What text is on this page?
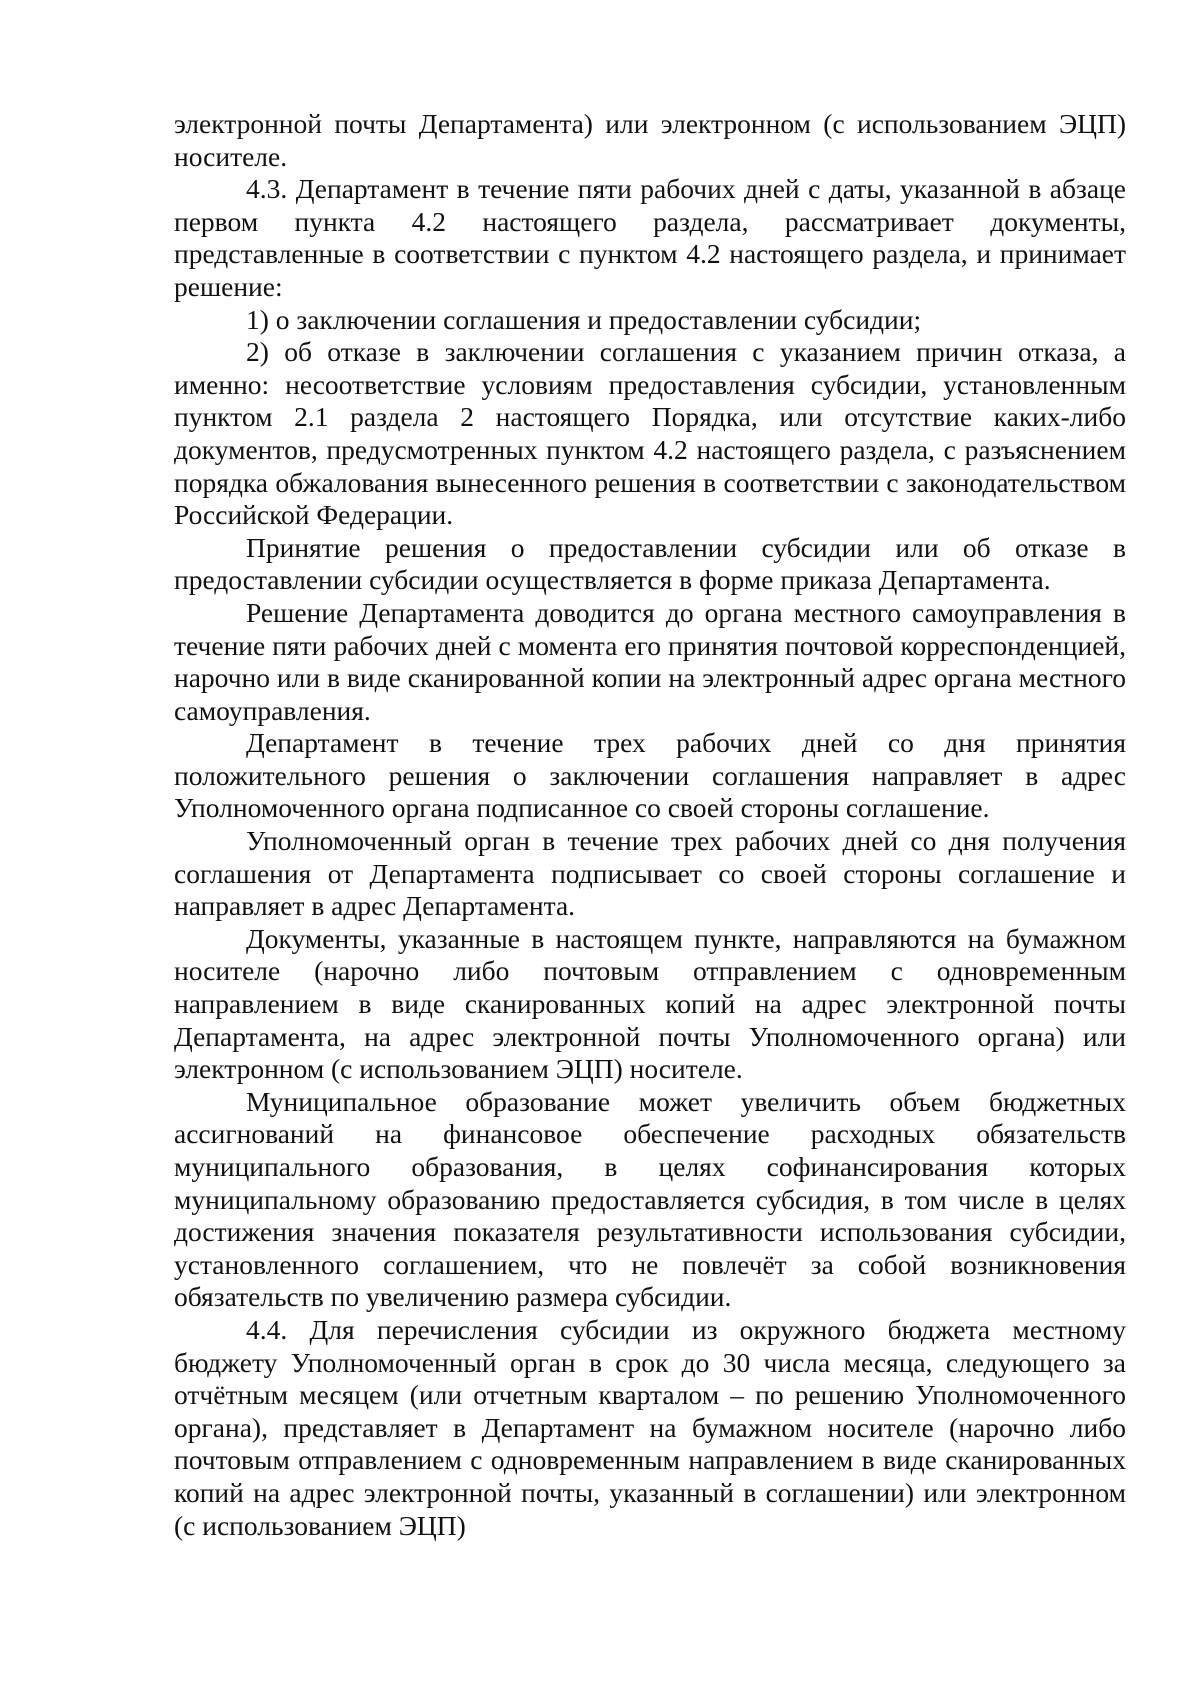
электронной почты Департамента) или электронном (с использованием ЭЦП) носителе.

4.3. Департамент в течение пяти рабочих дней с даты, указанной в абзаце первом пункта 4.2 настоящего раздела, рассматривает документы, представленные в соответствии с пунктом 4.2 настоящего раздела, и принимает решение:

1) о заключении соглашения и предоставлении субсидии;

2) об отказе в заключении соглашения с указанием причин отказа, а именно: несоответствие условиям предоставления субсидии, установленным пунктом 2.1 раздела 2 настоящего Порядка, или отсутствие каких-либо документов, предусмотренных пунктом 4.2 настоящего раздела, с разъяснением порядка обжалования вынесенного решения в соответствии с законодательством Российской Федерации.

Принятие решения о предоставлении субсидии или об отказе в предоставлении субсидии осуществляется в форме приказа Департамента.

Решение Департамента доводится до органа местного самоуправления в течение пяти рабочих дней с момента его принятия почтовой корреспонденцией, нарочно или в виде сканированной копии на электронный адрес органа местного самоуправления.

Департамент в течение трех рабочих дней со дня принятия положительного решения о заключении соглашения направляет в адрес Уполномоченного органа подписанное со своей стороны соглашение.

Уполномоченный орган в течение трех рабочих дней со дня получения соглашения от Департамента подписывает со своей стороны соглашение и направляет в адрес Департамента.

Документы, указанные в настоящем пункте, направляются на бумажном носителе (нарочно либо почтовым отправлением с одновременным направлением в виде сканированных копий на адрес электронной почты Департамента, на адрес электронной почты Уполномоченного органа) или электронном (с использованием ЭЦП) носителе.

Муниципальное образование может увеличить объем бюджетных ассигнований на финансовое обеспечение расходных обязательств муниципального образования, в целях софинансирования которых муниципальному образованию предоставляется субсидия, в том числе в целях достижения значения показателя результативности использования субсидии, установленного соглашением, что не повлечёт за собой возникновения обязательств по увеличению размера субсидии.

4.4. Для перечисления субсидии из окружного бюджета местному бюджету Уполномоченный орган в срок до 30 числа месяца, следующего за отчётным месяцем (или отчетным кварталом – по решению Уполномоченного органа), представляет в Департамент на бумажном носителе (нарочно либо почтовым отправлением с одновременным направлением в виде сканированных копий на адрес электронной почты, указанный в соглашении) или электронном (с использованием ЭЦП)
